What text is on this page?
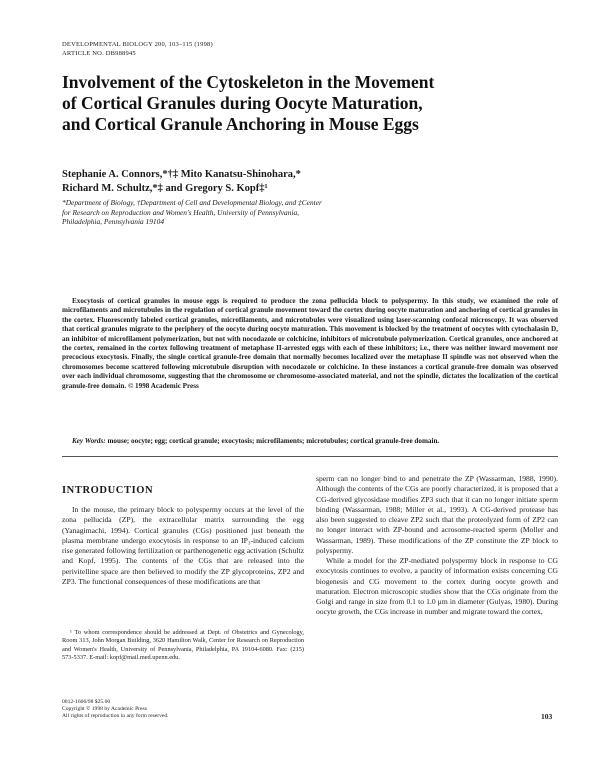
DEVELOPMENTAL BIOLOGY 200, 103–115 (1998)
ARTICLE NO. DB988945
Involvement of the Cytoskeleton in the Movement
of Cortical Granules during Oocyte Maturation,
and Cortical Granule Anchoring in Mouse Eggs
Stephanie A. Connors,*†‡ Mito Kanatsu-Shinohara,*
Richard M. Schultz,*‡ and Gregory S. Kopf‡¹
*Department of Biology, †Department of Cell and Developmental Biology, and ‡Center
for Research on Reproduction and Women's Health, University of Pennsylvania,
Philadelphia, Pennsylvania 19104
Exocytosis of cortical granules in mouse eggs is required to produce the zona pellucida block to polyspermy. In this study, we examined the role of microfilaments and microtubules in the regulation of cortical granule movement toward the cortex during oocyte maturation and anchoring of cortical granules in the cortex. Fluorescently labeled cortical granules, microfilaments, and microtubules were visualized using laser-scanning confocal microscopy. It was observed that cortical granules migrate to the periphery of the oocyte during oocyte maturation. This movement is blocked by the treatment of oocytes with cytochalasin D, an inhibitor of microfilament polymerization, but not with nocodazole or colchicine, inhibitors of microtubule polymerization. Cortical granules, once anchored at the cortex, remained in the cortex following treatment of metaphase II-arrested eggs with each of these inhibitors; i.e., there was neither inward movement nor precocious exocytosis. Finally, the single cortical granule-free domain that normally becomes localized over the metaphase II spindle was not observed when the chromosomes become scattered following microtubule disruption with nocodazole or colchicine. In these instances a cortical granule-free domain was observed over each individual chromosome, suggesting that the chromosome or chromosome-associated material, and not the spindle, dictates the localization of the cortical granule-free domain. © 1998 Academic Press
Key Words: mouse; oocyte; egg; cortical granule; exocytosis; microfilaments; microtubules; cortical granule-free domain.
INTRODUCTION

In the mouse, the primary block to polyspermy occurs at the level of the zona pellucida (ZP), the extracellular matrix surrounding the egg (Yanagimachi, 1994). Cortical granules (CGs) positioned just beneath the plasma membrane undergo exocytosis in response to an IP₃-induced calcium rise generated following fertilization or parthenogenetic egg activation (Schultz and Kopf, 1995). The contents of the CGs that are released into the perivitelline space are then believed to modify the ZP glycoproteins, ZP2 and ZP3. The functional consequences of these modifications are that

¹ To whom correspondence should be addressed at Dept. of Obstetrics and Gynecology, Room 313, John Morgan Building, 3620 Hamilton Walk, Center for Research on Reproduction and Women's Health, University of Pennsylvania, Philadelphia, PA 19104-6080. Fax: (215) 573-5337. E-mail: kopf@mail.med.upenn.edu.

sperm can no longer bind to and penetrate the ZP (Wassarman, 1988, 1990). Although the contents of the CGs are poorly characterized, it is proposed that a CG-derived glycosidase modifies ZP3 such that it can no longer initiate sperm binding (Wassarman, 1988; Miller et al., 1993). A CG-derived protease has also been suggested to cleave ZP2 such that the proteolyzed form of ZP2 can no longer interact with ZP-bound and acrosome-reacted sperm (Moller and Wassarman, 1989). These modifications of the ZP constitute the ZP block to polyspermy.

While a model for the ZP-mediated polyspermy block in response to CG exocytosis continues to evolve, a paucity of information exists concerning CG biogenesis and CG movement to the cortex during oocyte growth and maturation. Electron microscopic studies show that the CGs originate from the Golgi and range in size from 0.1 to 1.0 μm in diameter (Gulyas, 1980). During oocyte growth, the CGs increase in number and migrate toward the cortex,

0012-1606/98 $25.00
Copyright © 1998 by Academic Press
All rights of reproduction in any form reserved.	103
